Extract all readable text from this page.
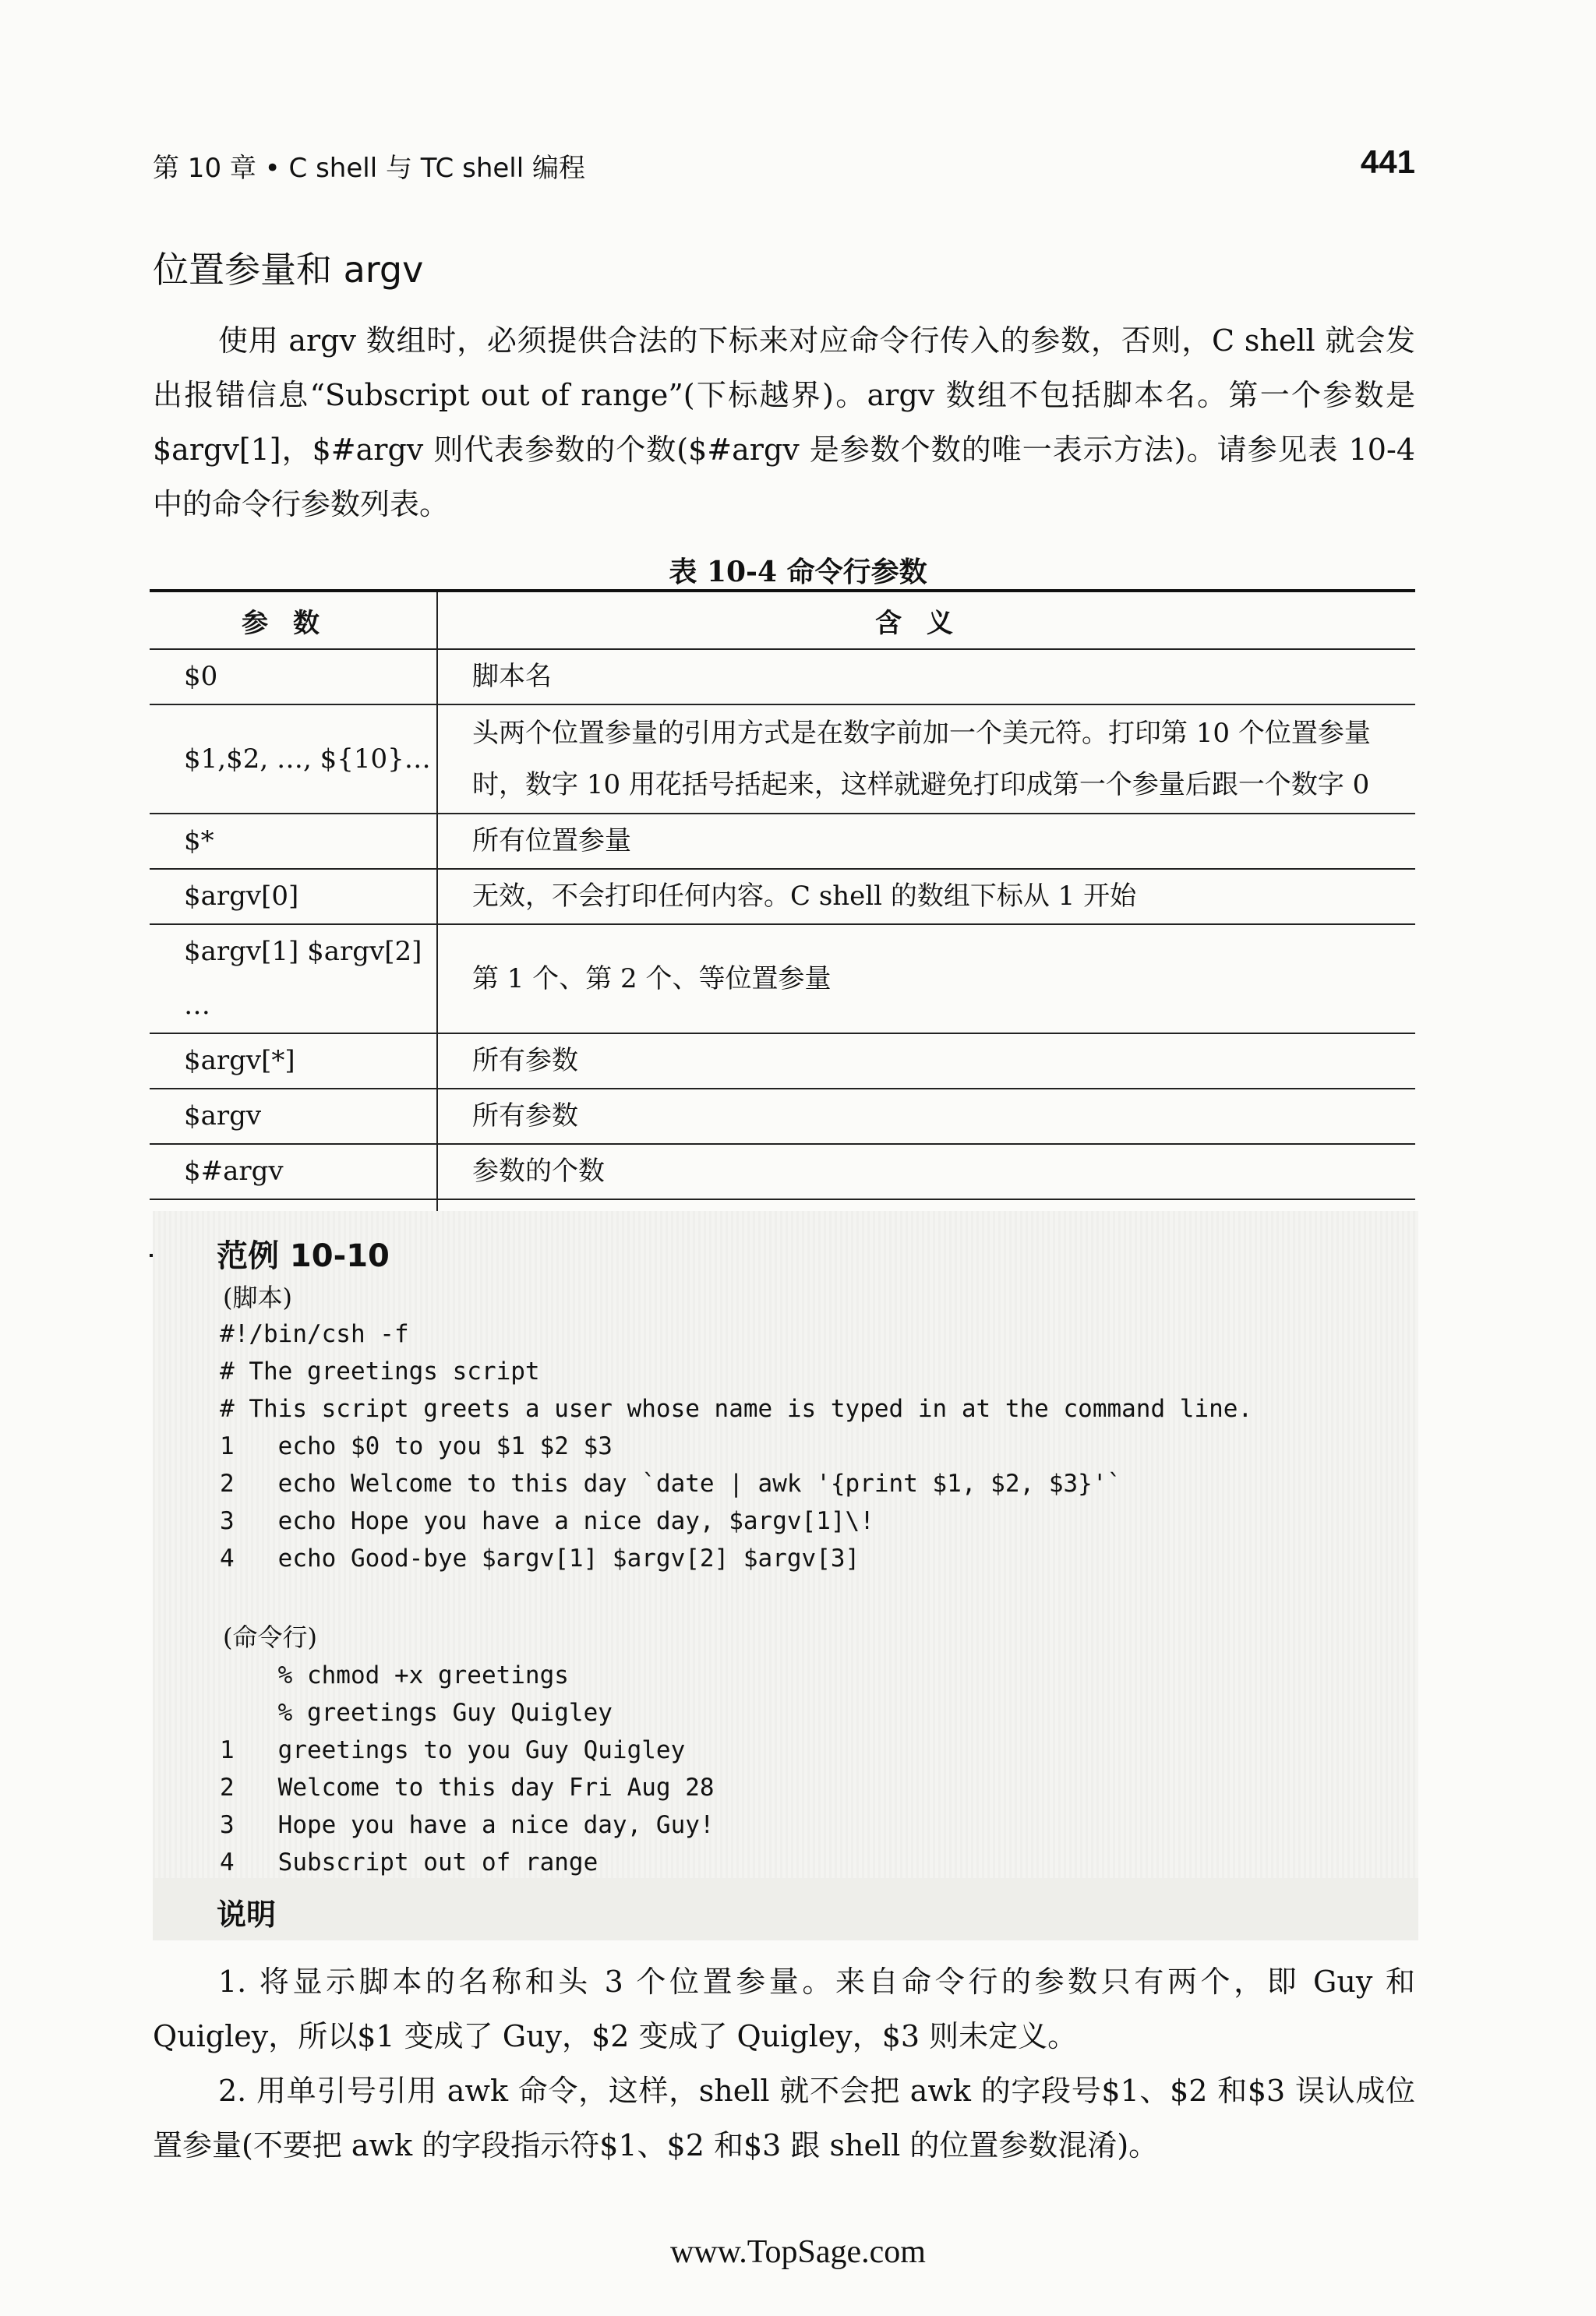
第 10 章 • C shell 与 TC shell 编程	441
位置参量和 argv
使用 argv 数组时，必须提供合法的下标来对应命令行传入的参数，否则，C shell 就会发出报错信息“Subscript out of range”(下标越界)。argv 数组不包括脚本名。第一个参数是 $argv[1]，$#argv 则代表参数的个数($#argv 是参数个数的唯一表示方法)。请参见表 10-4 中的命令行参数列表。
表 10-4 命令行参数
参数	含义
$0	脚本名
$1,$2, …, ${10}…	头两个位置参量的引用方式是在数字前加一个美元符。打印第 10 个位置参量时，数字 10 用花括号括起来，这样就避免打印成第一个参量后跟一个数字 0
$*	所有位置参量
$argv[0]	无效，不会打印任何内容。C shell 的数组下标从 1 开始
$argv[1] $argv[2] …	第 1 个、第 2 个、等位置参量
$argv[*]	所有参数
$argv	所有参数
$#argv	参数的个数

范例 10-10
(脚本)
#!/bin/csh -f
# The greetings script
# This script greets a user whose name is typed in at the command line.
1   echo $0 to you $1 $2 $3
2   echo Welcome to this day `date | awk '{print $1, $2, $3}'`
3   echo Hope you have a nice day, $argv[1]\!
4   echo Good-bye $argv[1] $argv[2] $argv[3]
(命令行)
% chmod +x greetings
% greetings Guy Quigley
1   greetings to you Guy Quigley
2   Welcome to this day Fri Aug 28
3   Hope you have a nice day, Guy!
4   Subscript out of range
说明

1. 将显示脚本的名称和头 3 个位置参量。来自命令行的参数只有两个，即 Guy 和 Quigley，所以$1 变成了 Guy，$2 变成了 Quigley，$3 则未定义。

2. 用单引号引用 awk 命令，这样，shell 就不会把 awk 的字段号$1、$2 和$3 误认成位置参量(不要把 awk 的字段指示符$1、$2 和$3 跟 shell 的位置参数混淆)。

www.TopSage.com
